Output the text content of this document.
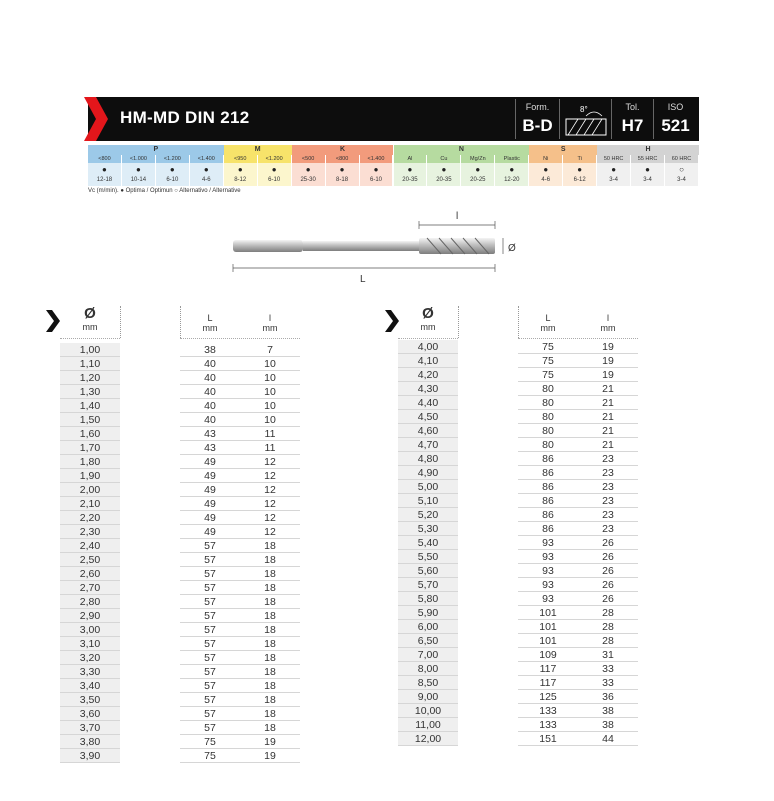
HM-MD DIN 212
Form.
B-D
8°	Tol.
H7
ISO
521
P
<800
●
12-18
<1.000
●
10-14
<1.200
●
6-10
<1.400
●
4-6
M
<950
●
8-12
<1.200
●
6-10
K
<500
●
25-30
<800
●
8-18
<1.400
●
6-10
N
Al
●
20-35
Cu
●
20-35
Mg/Zn
●
20-25
Plastic
●
12-20
S
Ni
●
4-6
Ti
●
6-12
H
50 HRC
●
3-4
55 HRC
●
3-4
60 HRC
○
3-4
Vc (m/min). ● Optima / Optimun ○ Alternativo / Alternative
l
Ø
L
Ø
mm
L
mm
l
mm
1,00
1,10
1,20
1,30
1,40
1,50
1,60
1,70
1,80
1,90
2,00
2,10
2,20
2,30
2,40
2,50
2,60
2,70
2,80
2,90
3,00
3,10
3,20
3,30
3,40
3,50
3,60
3,70
3,80
3,90
38
40
40
40
40
40
43
43
49
49
49
49
49
49
57
57
57
57
57
57
57
57
57
57
57
57
57
57
75
75
7
10
10
10
10
10
11
11
12
12
12
12
12
12
18
18
18
18
18
18
18
18
18
18
18
18
18
18
19
19
Ø
mm
L
mm
l
mm
4,00
4,10
4,20
4,30
4,40
4,50
4,60
4,70
4,80
4,90
5,00
5,10
5,20
5,30
5,40
5,50
5,60
5,70
5,80
5,90
6,00
6,50
7,00
8,00
8,50
9,00
10,00
11,00
12,00
75
75
75
80
80
80
80
80
86
86
86
86
86
86
93
93
93
93
93
101
101
101
109
117
117
125
133
133
151
19
19
19
21
21
21
21
21
23
23
23
23
23
23
26
26
26
26
26
28
28
28
31
33
33
36
38
38
44
